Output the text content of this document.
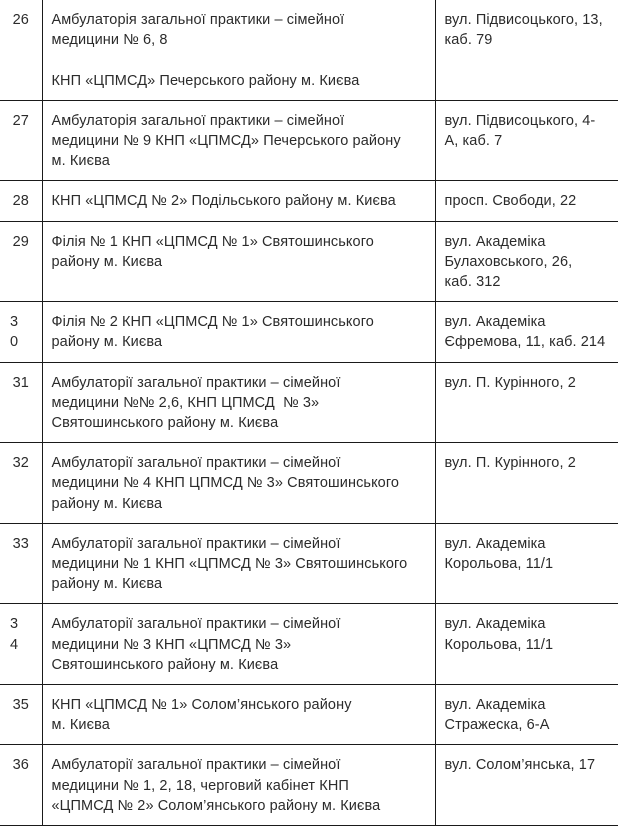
26	Амбулаторія загальної практики – сімейної
медицини № 6, 8
КНП «ЦПМСД» Печерського району м. Києва	вул. Підвисоцького, 13,
каб. 79

27	Амбулаторія загальної практики – сімейної
медицини № 9 КНП «ЦПМСД» Печерського району
м. Києва	вул. Підвисоцького, 4-
А, каб. 7

28	КНП «ЦПМСД № 2» Подільського району м. Києва	просп. Свободи, 22

29	Філія № 1 КНП «ЦПМСД № 1» Святошинського
району м. Києва	вул. Академіка
Булаховського, 26,
каб. 312

3
0	Філія № 2 КНП «ЦПМСД № 1» Святошинського
району м. Києва	вул. Академіка
Єфремова, 11, каб. 214

31	Амбулаторії загальної практики – сімейної
медицини №№ 2,6, КНП ЦПМСД  № 3»
Святошинського району м. Києва	вул. П. Курінного, 2

32	Амбулаторії загальної практики – сімейної
медицини № 4 КНП ЦПМСД № 3» Святошинського
району м. Києва	вул. П. Курінного, 2

33	Амбулаторії загальної практики – сімейної
медицини № 1 КНП «ЦПМСД № 3» Святошинського
району м. Києва	вул. Академіка
Корольова, 11/1

3
4	Амбулаторії загальної практики – сімейної
медицини № 3 КНП «ЦПМСД № 3»
Святошинського району м. Києва	вул. Академіка
Корольова, 11/1

35	КНП «ЦПМСД № 1» Солом’янського району
м. Києва	вул. Академіка
Стражеска, 6-А

36	Амбулаторії загальної практики – сімейної
медицини № 1, 2, 18, черговий кабінет КНП
«ЦПМСД № 2» Солом’янського району м. Києва	вул. Солом’янська, 17
